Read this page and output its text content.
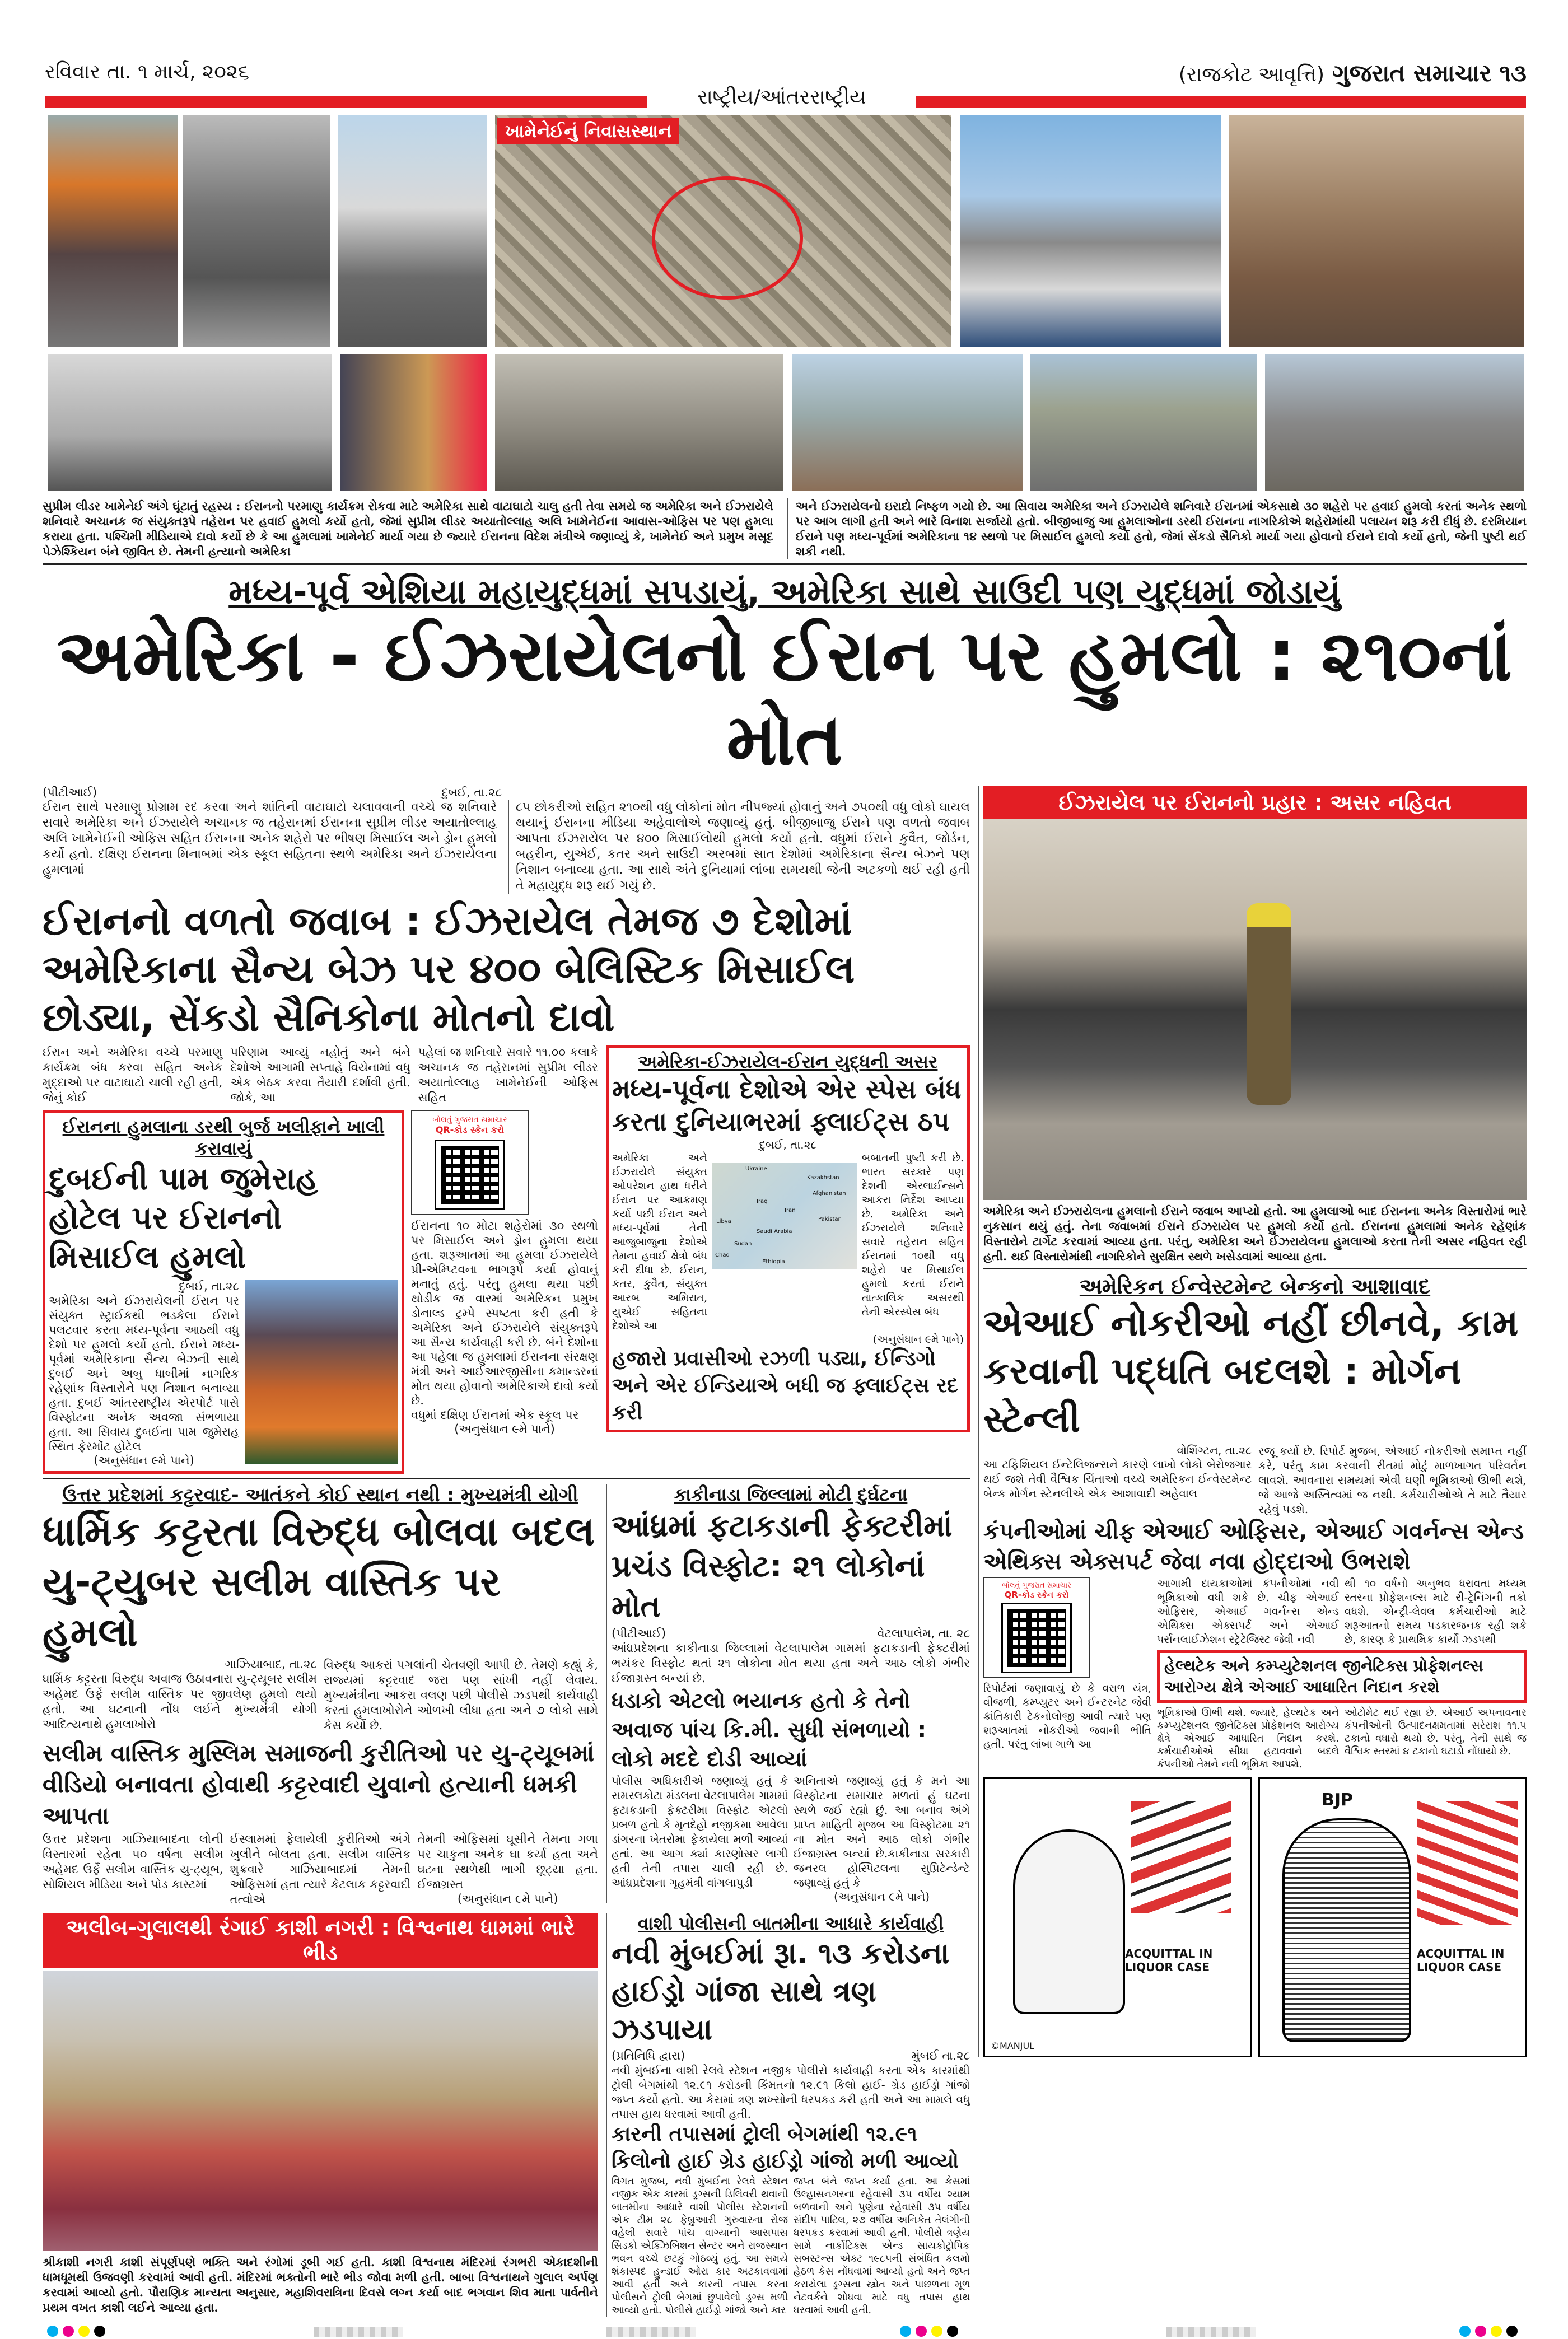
રવિવાર તા. ૧ માર્ચ, ૨૦૨૬	(રાજકોટ આવૃત્તિ) ગુજરાત સમાચાર ૧૩
રાષ્ટ્રીય/આંતરરાષ્ટ્રીય
ખામેનેઈનું નિવાસસ્થાન
સુપ્રીમ લીડર ખામેનેઈ અંગે ઘૂંટાતું રહસ્ય : ઈરાનનો પરમાણુ કાર્યક્રમ રોકવા માટે અમેરિકા સાથે વાટાઘાટો ચાલુ હતી તેવા સમયે જ અમેરિકા અને ઈઝરાયેલે શનિવારે અચાનક જ સંયુક્તરૂપે તહેરાન પર હવાઈ હુમલો કર્યો હતો, જેમાં સુપ્રીમ લીડર અયાતોલ્લાહ અલિ ખામેનેઈના આવાસ-ઓફિસ પર પણ હુમલા કરાયા હતા. પશ્ચિમી મીડિયાએ દાવો કર્યો છે કે આ હુમલામાં ખામેનેઈ માર્યા ગયા છે જ્યારે ઈરાનના વિદેશ મંત્રીએ જણાવ્યું કે, ખામેનેઈ અને પ્રમુખ મસૂદ પેઝેશ્કિયન બંને જીવિત છે. તેમની હત્યાનો અમેરિકા
અને ઈઝરાયેલનો ઇરાદો નિષ્ફળ ગયો છે. આ સિવાય અમેરિકા અને ઈઝરાયેલે શનિવારે ઈરાનમાં એકસાથે ૩૦ શહેરો પર હવાઈ હુમલો કરતાં અનેક સ્થળો પર આગ લાગી હતી અને ભારે વિનાશ સર્જાયો હતો. બીજીબાજુ આ હુમલાઓના ડરથી ઈરાનના નાગરિકોએ શહેરોમાંથી પલાયન શરૂ કરી દીધું છે. દરમિયાન ઈરાને પણ મધ્ય-પૂર્વમાં અમેરિકાના ૧૪ સ્થળો પર મિસાઈલ હુમલો કર્યો હતો, જેમાં સેંકડો સૈનિકો માર્યા ગયા હોવાનો ઈરાને દાવો કર્યો હતો, જેની પુષ્ટી થઈ શકી નથી.
મધ્ય-પૂર્વ એશિયા મહાયુદ્ધમાં સપડાયું, અમેરિકા સાથે સાઉદી પણ યુદ્ધમાં જોડાયું
અમેરિકા - ઈઝરાયેલનો ઈરાન પર હુમલો : ૨૧૦નાં મોત
(પીટીઆઈ)	દુબઈ, તા.૨૮
ઈરાન સાથે પરમાણુ પ્રોગ્રામ રદ કરવા અને શાંતિની વાટાઘાટો ચલાવવાની વચ્ચે જ શનિવારે સવારે અમેરિકા અને ઈઝરાયેલે અચાનક જ તહેરાનમાં ઈરાનના સુપ્રીમ લીડર અયાતોલ્લાહ અલિ ખામેનેઈની ઓફિસ સહિત ઈરાનના અનેક શહેરો પર ભીષણ મિસાઈલ અને ડ્રોન હુમલો કર્યો હતો. દક્ષિણ ઈરાનના મિનાબમાં એક સ્કૂલ સહિતના સ્થળે અમેરિકા અને ઈઝરાયેલના હુમલામાં
૮૫ છોકરીઓ સહિત ૨૧૦થી વધુ લોકોનાં મોત નીપજ્યાં હોવાનું અને ૭૫૦થી વધુ લોકો ઘાયલ થયાનું ઈરાનના મીડિયા અહેવાલોએ જણાવ્યું હતું. બીજીબાજુ ઈરાને પણ વળતો જવાબ આપતા ઈઝરાયેલ પર ૪૦૦ મિસાઈલોથી હુમલો કર્યો હતો. વધુમાં ઈરાને કુવૈત, જોર્ડન, બહરીન, યુએઈ, કતર અને સાઉદી અરબમાં સાત દેશોમાં અમેરિકાના સૈન્ય બેઝને પણ નિશાન બનાવ્યા હતા. આ સાથે અંતે દુનિયામાં લાંબા સમયથી જેની અટકળો થઈ રહી હતી તે મહાયુદ્ધ શરૂ થઈ ગયું છે.
ઈરાનનો વળતો જવાબ : ઈઝરાયેલ તેમજ ૭ દેશોમાં અમેરિકાના સૈન્ય બેઝ પર ૪૦૦ બેલિસ્ટિક મિસાઈલ છોડ્યા, સેંકડો સૈનિકોના મોતનો દાવો
ઈરાન અને અમેરિકા વચ્ચે પરમાણુ કાર્યક્રમ બંધ કરવા સહિત અનેક મુદ્દાઓ પર વાટાઘાટો ચાલી રહી હતી, જેનું કોઈ
પરિણામ આવ્યું નહોતું અને બંને દેશોએ આગામી સપ્તાહે વિયેનામાં વધુ એક બેઠક કરવા તૈયારી દર્શાવી હતી. જોકે, આ
પહેલાં જ શનિવારે સવારે ૧૧.૦૦ કલાકે અચાનક જ તહેરાનમાં સુપ્રીમ લીડર અયાતોલ્લાહ ખામેનેઈની ઓફિસ સહિત
ઈરાનના હુમલાના ડરથી બુર્જ ખલીફાને ખાલી કરાવાયું
દુબઈની પામ જુમેરાહ હોટેલ પર ઈરાનનો મિસાઈલ હુમલો
દુબઈ, તા.૨૮
અમેરિકા અને ઈઝરાયેલની ઈરાન પર સંયુક્ત સ્ટ્રાઈકથી ભડકેલા ઈરાને પલટવાર કરતા મધ્ય-પૂર્વના આઠથી વધુ દેશો પર હુમલો કર્યો હતો. ઈરાને મધ્ય-પૂર્વમાં અમેરિકાના સૈન્ય બેઝની સાથે દુબઈ અને અબુ ધાબીમાં નાગરિક રહેણાંક વિસ્તારોને પણ નિશાન બનાવ્યા હતા. દુબઈ આંતરરાષ્ટ્રીય એરપોર્ટ પાસે વિસ્ફોટના અનેક અવજા સંભળાયા હતા. આ સિવાય દુબઈના પામ જુમેરાહ સ્થિત ફેરમોંટ હોટેલ
(અનુસંધાન ૯મે પાને)
બોલતું ગુજરાત સમાચાર
QR-કોડ સ્કેન કરો
ઈરાનના ૧૦ મોટા શહેરોમાં ૩૦ સ્થળો પર મિસાઈલ અને ડ્રોન હુમલા થયા હતા. શરૂઆતમાં આ હુમલા ઈઝરાયેલે પ્રી-એમ્પ્ટિવના ભાગરૂપે કર્યા હોવાનું મનાતું હતું. પરંતુ હુમલા થયા પછી થોડીક જ વારમાં અમેરિકન પ્રમુખ ડોનાલ્ડ ટ્રમ્પે સ્પષ્ટતા કરી હતી કે અમેરિકા અને ઈઝરાયેલે સંયુક્તરૂપે આ સૈન્ય કાર્યવાહી કરી છે. બંને દેશોના આ પહેલા જ હુમલામાં ઈરાનના સંરક્ષણ મંત્રી અને આઈઆરજીસીના કમાન્ડરનાં મોત થયા હોવાનો અમેરિકાએ દાવો કર્યો છે.
વધુમાં દક્ષિણ ઈરાનમાં એક સ્કૂલ પર
(અનુસંધાન ૯મે પાને)
અમેરિકા-ઈઝરાયેલ-ઈરાન યુદ્ધની અસર
મધ્ય-પૂર્વના દેશોએ એર સ્પેસ બંધ કરતા દુનિયાભરમાં ફ્લાઈટ્સ ઠપ
દુબઈ, તા.૨૮
અમેરિકા અને ઈઝરાયેલે સંયુક્ત ઓપરેશન હાથ ધરીને ઈરાન પર આક્રમણ કર્યા પછી ઈરાન અને મધ્ય-પૂર્વમાં તેની આજુબાજુના દેશોએ તેમના હવાઈ ક્ષેત્રો બંધ કરી દીધા છે. ઈરાન, કતર, કુવૈત, સંયુક્ત આરબ અમિરાત, યુએઈ સહિતના દેશોએ આ
Ukraine
Kazakhstan
Iraq
Iran
Afghanistan
Pakistan
Libya
Saudi Arabia
Sudan
Chad
Ethiopia
બબાતની પુષ્ટી કરી છે. ભારત સરકારે પણ દેશની એરલાઈન્સને આકરા નિર્દેશ આપ્યા છે. અમેરિકા અને ઈઝરાયેલે શનિવારે સવારે તહેરાન સહિત ઈરાનમાં ૧૦થી વધુ શહેરો પર મિસાઈલ હુમલો કરતાં ઈરાને તાત્કાલિક અસરથી તેની એરસ્પેસ બંધ
(અનુસંધાન ૯મે પાને)
હજારો પ્રવાસીઓ રઝળી પડ્યા, ઈન્ડિગો અને એર ઈન્ડિયાએ બધી જ ફ્લાઈટ્સ રદ કરી
ઉત્તર પ્રદેશમાં કટ્ટરવાદ- આતંકને કોઈ સ્થાન નથી : મુખ્યમંત્રી યોગી
ધાર્મિક કટ્ટરતા વિરુદ્ધ બોલવા બદલ યુ-ટ્યુબર સલીમ વાસ્તિક પર હુમલો
ગાઝિયાબાદ, તા.૨૮
ધાર્મિક કટ્ટરતા વિરુદ્ધ અવાજ ઉઠાવનારા યુ-ટ્યૂબર સલીમ અહેમદ ઉર્ફે સલીમ વાસ્તિક પર જીવલેણ હુમલો થયો હતો. આ ઘટનાની નોંધ લઈને મુખ્યમંત્રી યોગી આદિત્યનાથે હુમલાખોરો
વિરુદ્ધ આકરાં પગલાંની ચેતવણી આપી છે. તેમણે કહ્યું કે, રાજ્યમાં કટ્ટરવાદ જરા પણ સાંખી નહીં લેવાય. મુખ્યમંત્રીના આકરા વલણ પછી પોલીસે ઝડપથી કાર્યવાહી કરતાં હુમલાખોરોને ઓળખી લીધા હતા અને ૭ લોકો સામે કેસ કર્યો છે.
સલીમ વાસ્તિક મુસ્લિમ સમાજની કુરીતિઓ પર યુ-ટ્યૂબમાં વીડિયો બનાવતા હોવાથી કટ્ટરવાદી યુવાનો હત્યાની ધમકી આપતા
ઉત્તર પ્રદેશના ગાઝિયાબાદના લોની વિસ્તારમાં રહેતા ૫૦ વર્ષના સલીમ અહેમદ ઉર્ફે સલીમ વાસ્તિક યુ-ટ્યૂબ, સોશિયલ મીડિયા અને પોડ કાસ્ટમાં
ઈસ્લામમાં ફેલાયેલી કુરીતિઓ અંગે ખુલીને બોલતા હતા. સલીમ વાસ્તિક શુક્રવારે ગાઝિયાબાદમાં તેમની ઓફિસમાં હતા ત્યારે કેટલાક કટ્ટરવાદી તત્વોએ
તેમની ઓફિસમાં ઘૂસીને તેમના ગળા પર ચાકુના અનેક ઘા કર્યા હતા અને ઘટના સ્થળેથી ભાગી છૂટ્યા હતા. ઈજાગ્રસ્ત
(અનુસંધાન ૯મે પાને)
કાકીનાડા જિલ્લામાં મોટી દુર્ઘટના
આંધ્રમાં ફટાકડાની ફેક્ટરીમાં પ્રચંડ વિસ્ફોટ: ૨૧ લોકોનાં મોત
(પીટીઆઈ)	વેટલાપાલેમ, તા. ૨૮
આંધ્રપ્રદેશના કાકીનાડા જિલ્લામાં વેટલાપાલેમ ગામમાં ફટાકડાની ફેક્ટરીમાં ભયંકર વિસ્ફોટ થતાં ૨૧ લોકોના મોત થયા હતા અને આઠ લોકો ગંભીર ઈજાગ્રસ્ત બન્યાં છે.
ધડાકો એટલો ભયાનક હતો કે તેનો અવાજ પાંચ કિ.મી. સુધી સંભળાયો : લોકો મદદે દોડી આવ્યાં
પોલીસ અધિકારીએ જણાવ્યું હતું કે સમરલકોટા મંડલના વેટલાપાલેમ ગામમાં ફટાકડાની ફેક્ટરીમા વિસ્ફોટ એટલો પ્રબળ હતો કે મૃતદેહો નજીકમા આવેલા ડાંગરના ખેતરોમા ફેકાયેલા મળી આવ્યાં હતાં. આ આગ ક્યાં કારણોસર લાગી હતી તેની તપાસ ચાલી રહી છે. આંધ્રપ્રદેશના ગૃહમંત્રી વાંગલાપુડી
અનિતાએ જણાવ્યું હતું કે મને આ વિસ્ફોટના સમાચાર મળતાં હું ઘટના સ્થળે જઈ રહ્યો છું. આ બનાવ અંગે પ્રાપ્ત માહિતી મુજબ આ વિસ્ફોટમા ૨૧ ના મોત અને આઠ લોકો ગંભીર ઈજાગ્રસ્ત બન્યાં છે.કાકીનાડા સરકારી જનરલ હોસ્પિટલના સુપ્રિટેન્ડેન્ટે જણાવ્યું હતું કે
(અનુસંધાન ૯મે પાને)
અલીબ-ગુલાલથી રંગાઈ કાશી નગરી : વિશ્વનાથ ધામમાં ભારે ભીડ
શ્રીકાશી નગરી કાશી સંપૂર્ણપણે ભક્તિ અને રંગોમાં ડૂબી ગઈ હતી. કાશી વિશ્વનાથ મંદિરમાં રંગભરી એકાદશીની ધામધૂમથી ઉજવણી કરવામાં આવી હતી. મંદિરમાં ભક્તોની ભારે ભીડ જોવા મળી હતી. બાબા વિશ્વનાથને ગુલાલ અર્પણ કરવામાં આવ્યો હતો. પૌરાણિક માન્યતા અનુસાર, મહાશિવરાત્રિના દિવસે લગ્ન કર્યા બાદ ભગવાન શિવ માતા પાર્વતીને પ્રથમ વખત કાશી લઈને આવ્યા હતા.
વાશી પોલીસની બાતમીના આધારે કાર્યવાહી
નવી મુંબઈમાં રૂા. ૧૩ કરોડના હાઈડ્રો ગાંજા સાથે ત્રણ ઝડપાયા
(પ્રતિનિધિ દ્વારા)	મુંબઈ તા.૨૮
નવી મુંબઈના વાશી રેલવે સ્ટેશન નજીક પોલીસે કાર્યવાહી કરતા એક કારમાંથી ટ્રોલી બેગમાંથી ૧૨.૯૧ કરોડની કિંમતનો ૧૨.૯૧ કિલો હાઈ- ગ્રેડ હાઈડ્રો ગાંજો જપ્ત કર્યો હતો. આ કેસમાં ત્રણ શખ્સોની ધરપકડ કરી હતી અને આ મામલે વધુ તપાસ હાથ ધરવામાં આવી હતી.
કારની તપાસમાં ટ્રોલી બેગમાંથી ૧૨.૯૧ કિલોનો હાઈ ગ્રેડ હાઈડ્રો ગાંજો મળી આવ્યો
વિગત મુજબ, નવી મુંબઈના રેલવે સ્ટેશન નજીક એક કારમાં ડ્રગ્સની ડિલિવરી થવાની બાતમીના આધારે વાશી પોલીસ સ્ટેશનની એક ટીમ ૨૮ ફેબ્રુઆરી ગુરુવારના રોજ વહેલી સવારે પાંચ વાગ્યાની આસપાસ સિડકો એક્ઝિબિશન સેન્ટર અને રાજસ્થાન ભવન વચ્ચે છટકું ગોઠવ્યું હતું. આ સમયે શંકાસ્પદ હુન્ડાઈ ઓરા કાર અટકાવવામાં આવી હતી અને કારની તપાસ કરતા પોલીસને ટ્રોલી બેગમાં છુપાવેલો ડ્રગ્સ મળી આવ્યો હતો. પોલીસે હાઈડ્રો ગાંજો અને કાર
જપ્ત બંને જપ્ત કર્યા હતા. આ કેસમાં ઉલ્હાસનગરના રહેવાસી ૩૫ વર્ષીય શ્યામ બળવાની અને પુણેના રહેવાસી ૩૫ વર્ષીય સંદીપ પાટિલ, ૨૭ વર્ષીય અનિકેત તેલંગીની ધરપકડ કરવામાં આવી હતી. પોલીસે ત્રણેય સામે નાર્કોટિક્સ એન્ડ સાયકોટ્રોપિક સબસ્ટન્સ એક્ટ ૧૯૮૫ની સંબંધિત કલમો હેઠળ કેસ નોંધવામાં આવ્યો હતો અને જપ્ત કરાયેલા ડ્રગ્સના સ્ત્રોત અને પાછળના મૂળ નેટવર્કને શોધવા માટે વધુ તપાસ હાથ ધરવામાં આવી હતી.
ઈઝરાયેલ પર ઈરાનનો પ્રહાર : અસર નહિવત
અમેરિકા અને ઈઝરાયેલના હુમલાનો ઈરાને જવાબ આપ્યો હતો. આ હુમલાઓ બાદ ઈરાનના અનેક વિસ્તારોમાં ભારે નુકસાન થયું હતું. તેના જવાબમાં ઈરાને ઈઝરાયેલ પર હુમલો કર્યો હતો. ઈરાનના હુમલામાં અનેક રહેણાંક વિસ્તારોને ટાર્ગેટ કરવામાં આવ્યા હતા. પરંતુ, અમેરિકા અને ઈઝરાયેલના હુમલાઓ કરતા તેની અસર નહિવત રહી હતી. થઈ વિસ્તારોમાંથી નાગરિકોને સુરક્ષિત સ્થળે ખસેડવામાં આવ્યા હતા.
અમેરિકન ઈન્વેસ્ટમેન્ટ બેન્કનો આશાવાદ
એઆઈ નોકરીઓ નહીં છીનવે, કામ કરવાની પદ્ધતિ બદલશે : મોર્ગન સ્ટેન્લી
વોશિંગ્ટન, તા.૨૮
આ ટફિશિયલ ઈન્ટેલિજન્સને કારણે લાખો લોકો બેરોજગાર થઈ જશે તેવી વૈશ્વિક ચિંતાઓ વચ્ચે અમેરિકન ઈન્વેસ્ટમેન્ટ બેન્ક મોર્ગન સ્ટેનલીએ એક આશાવાદી અહેવાલ
રજૂ કર્યો છે. રિપોર્ટ મુજબ, એઆઈ નોકરીઓ સમાપ્ત નહીં કરે, પરંતુ કામ કરવાની રીતમાં મોટું માળખાગત પરિવર્તન લાવશે. આવનારા સમયમાં એવી ઘણી ભૂમિકાઓ ઊભી થશે, જે આજે અસ્તિત્વમાં જ નથી. કર્મચારીઓએ તે માટે તૈયાર રહેવું પડશે.
કંપનીઓમાં ચીફ એઆઈ ઓફિસર, એઆઈ ગવર્નન્સ એન્ડ એથિક્સ એક્સપર્ટ જેવા નવા હોદ્દાઓ ઉભરાશે
બોલતું ગુજરાત સમાચાર
QR-કોડ સ્કેન કરો
રિપોર્ટમાં જણાવાયું છે કે વરાળ યંત્ર, વીજળી, કમ્પ્યુટર અને ઈન્ટરનેટ જેવી ક્રાંતિકારી ટેકનોલોજી આવી ત્યારે પણ શરૂઆતમાં નોકરીઓ જવાની ભીતિ હતી. પરંતુ લાંબા ગાળે આ
આગામી દાયકાઓમાં કંપનીઓમાં નવી ભૂમિકાઓ વધી શકે છે. ચીફ એઆઈ ઓફિસર, એઆઈ ગવર્નન્સ એન્ડ એથિક્સ એક્સપર્ટ અને એઆઈ પર્સનલાઈઝેશન સ્ટ્રેટેજિસ્ટ જેવી નવી
થી ૧૦ વર્ષનો અનુભવ ધરાવતા મધ્યમ સ્તરના પ્રોફેશનલ્સ માટે રી-ટ્રેનિંગની તકો વધશે. એન્ટ્રી-લેવલ કર્મચારીઓ માટે શરૂઆતનો સમય પડકારજનક રહી શકે છે, કારણ કે પ્રાથમિક કાર્યો ઝડપથી
હેલ્થટેક અને કમ્પ્યુટેશનલ જીનેટિક્સ પ્રોફેશનલ્સ આરોગ્ય ક્ષેત્રે એઆઈ આધારિત નિદાન કરશે
ભૂમિકાઓ ઊભી થશે. જ્યારે, હેલ્થટેક અને કમ્પ્યુટેશનલ જીનેટિક્સ પ્રોફેશનલ આરોગ્ય ક્ષેત્રે એઆઈ આધારિત નિદાન કરશે. કર્મચારીઓએ સીધા હટાવવાને બદલે કંપનીઓ તેમને નવી ભૂમિકા આપશે.
ઓટોમેટ થઈ રહ્યા છે. એઆઈ અપનાવનાર કંપનીઓની ઉત્પાદનક્ષમતામાં સરેરાશ ૧૧.૫ ટકાનો વધારો થયો છે. પરંતુ, તેની સાથે જ વૈશ્વિક સ્તરમાં ૪ ટકાનો ઘટાડો નોંધાયો છે.
ACQUITTAL IN LIQUOR CASE
©MANJUL
BJP
ACQUITTAL IN LIQUOR CASE
